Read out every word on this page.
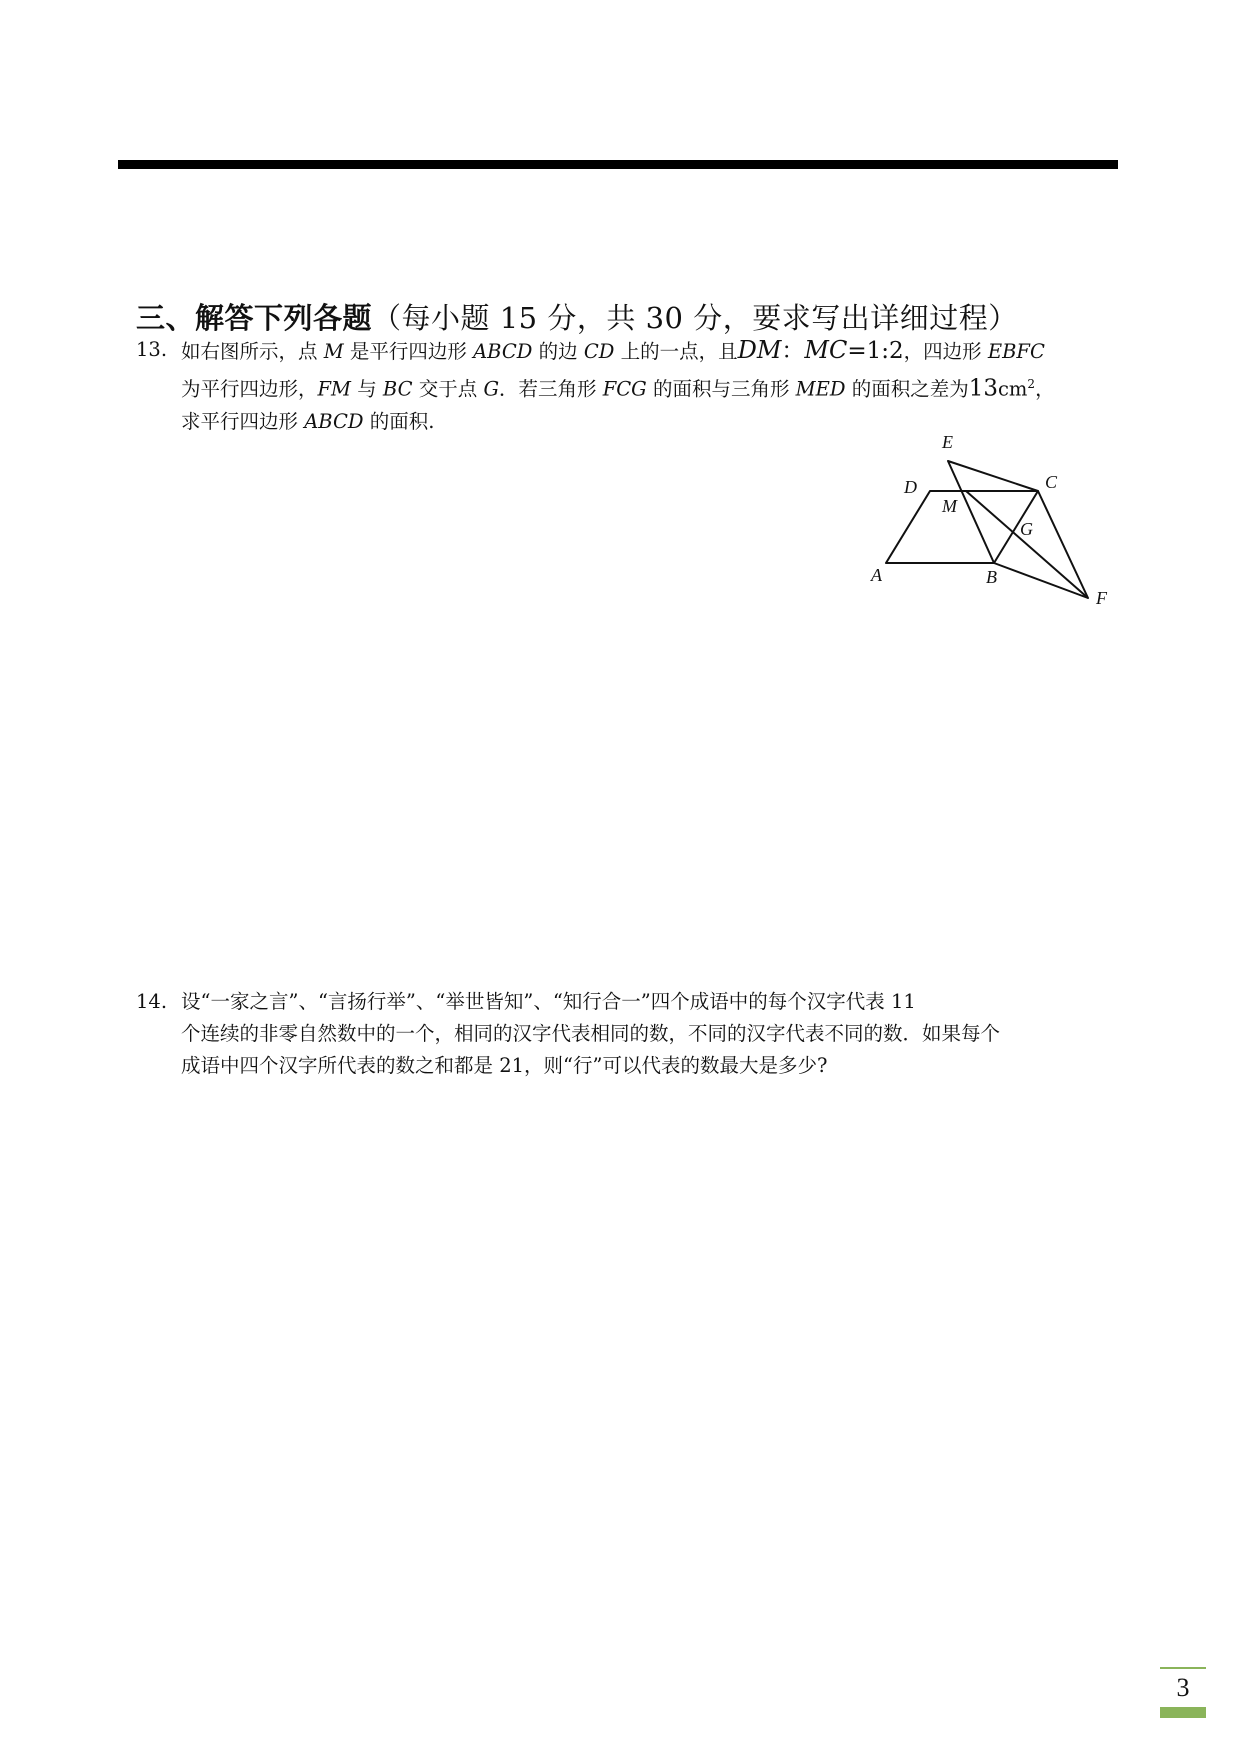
三、解答下列各题（每小题 15 分，共 30 分，要求写出详细过程）
13. 如右图所示，点 M 是平行四边形 ABCD 的边 CD 上的一点，且DM：MC=1:2，四边形 EBFC
为平行四边形，FM 与 BC 交于点 G．若三角形 FCG 的面积与三角形 MED 的面积之差为$13cm^2$，
求平行四边形 ABCD 的面积.
E
D
M
C
G
A	B
F
14. 设“一家之言”、“言扬行举”、“举世皆知”、“知行合一”四个成语中的每个汉字代表 11
个连续的非零自然数中的一个，相同的汉字代表相同的数，不同的汉字代表不同的数．如果每个
成语中四个汉字所代表的数之和都是 21，则“行”可以代表的数最大是多少?
3
